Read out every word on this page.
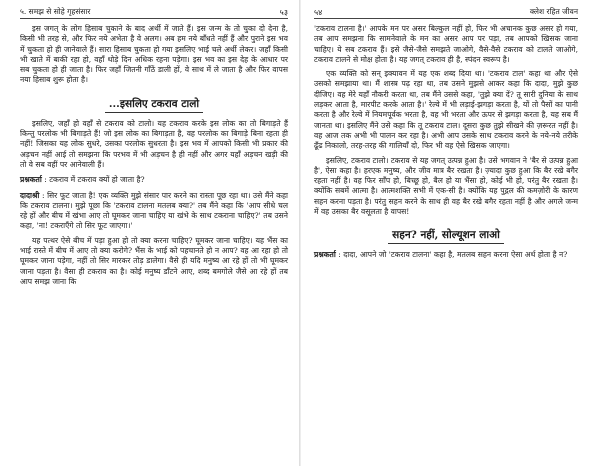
५. समझ से सोहे गृहसंसार	५३

इस जगत् के लोग हिसाब चुकाने के बाद अर्थी में जाते हैं। इस जन्म के तो चुका दो देना है, किसी भी तरह से, और फिर नये अभेता है वे अलग। अब हम नये बाँधते नहीं हैं और पुराने इस भव में चुकता हो ही जानेवाले हैं। सारा हिसाब चुकता हो गया इसलिए भाई चले अर्थी लेकर। जहाँ किसी भी खाते में बाकी रहा हो, वहाँ थोड़े दिन अधिक रहना पड़ेगा। इस भव का इस देह के आधार पर सब चुकता हो ही जाता है। फिर जहाँ जितनी गाँठें डाली हों, वे साथ में ले जाता है और फिर वापस नया हिसाब शुरू होता है।

...इसलिए टकराव टालो

इसलिए, जहाँ हो वहाँ से टकराव को टालो। यह टकराव करके इस लोक का तो बिगाड़ते हैं किन्तु परलोक भी बिगाड़ते हैं! जो इस लोक का बिगाड़ता है, वह परलोक का बिगाड़े बिना रहता ही नहीं! जिसका यह लोक सुधरे, उसका परलोक सुधरता है। इस भव में आपको किसी भी प्रकार की अड़चन नहीं आई तो समझना कि परभव में भी अड़चन है ही नहीं और अगर यहाँ अड़चन खड़ी की तो वे सब वहीं पर आनेवाली हैं।

प्रश्नकर्ता : टकराव में टकराव क्यों हो जाता है?

दादाश्री : सिर फूट जाता है! एक व्यक्ति मुझे संसार पार करने का रास्ता पूछ रहा था। उसे मैंने कहा कि टकराव टालना। मुझे पूछा कि 'टकराव टालना मतलब क्या?' तब मैंने कहा कि 'आप सीधे चल रहे हों और बीच में खंभा आए तो घूमकर जाना चाहिए या खंभे के साथ टकराना चाहिए?' तब उसने कहा, 'ना! टकराएँगे तो सिर फूट जाएगा।'

यह पत्थर ऐसे बीच में पड़ा हुआ हो तो क्या करना चाहिए? घूमकर जाना चाहिए। यह भैंस का भाई रास्ते में बीच में आए तो क्या करोगे? भैंस के भाई को पहचानते हो न आप? वह आ रहा हो तो घूमकर जाना पड़ेगा, नहीं तो सिर मारकर तोड़ डालेगा। वैसे ही यदि मनुष्य आ रहे हों तो भी घूमकर जाना पड़ता है। वैसा ही टकराव का है। कोई मनुष्य डाँटने आए, शब्द बमगोले जैसे आ रहे हों तब आप समझ जाना कि

५४	क्लेश रहित जीवन

'टकराव टालना है।' आपके मन पर असर बिल्कुल नहीं हो, फिर भी अचानक कुछ असर हो गया, तब आप समझना कि सामनेवाले के मन का असर आप पर पड़ा, तब आपको खिसक जाना चाहिए। ये सब टकराव हैं। इसे जैसे-जैसे समझते जाओगे, वैसे-वैसे टकराव को टालते जाओगे, टकराव टालने से मोक्ष होता है। यह जगत् टकराव ही है, स्पंदन स्वरूप है।

एक व्यक्ति को सन् इक्यावन में यह एक शब्द दिया था। 'टकराव टाल' कहा था और ऐसे उसको समझाया था। मैं शास्त्र पढ़ रहा था, तब उसने मुझसे आकर कहा कि दादा, मुझे कुछ दीजिए। वह मेरे यहाँ नौकरी करता था, तब मैंने उससे कहा, 'तुझे क्या दें? तू सारी दुनिया के साथ लड़कर आता है, मारपीट करके आता है।' रेल्वे में भी लड़ाई-झगड़ा करता है, यों तो पैसों का पानी करता है और रेल्वे में नियमपूर्वक भरता है, वह भी भरता और ऊपर से झगड़ा करता है, यह सब मैं जानता था। इसलिए मैंने उसे कहा कि तू टकराव टाल। दूसरा कुछ तुझे सीखने की ज़रूरत नहीं है। वह आज तक अभी भी पालन कर रहा है। अभी आप उसके साथ टकराव करने के नये-नये तरीके ढूँढ निकालो, तरह-तरह की गालियाँ दो, फिर भी वह ऐसे खिसक जाएगा।

इसलिए, टकराव टालो। टकराव से यह जगत् उत्पन्न हुआ है। उसे भगवान ने 'बैर से उत्पन्न हुआ है', ऐसा कहा है। हरएक मनुष्य, और जीव मात्र बैर रखता है। ज़्यादा कुछ हुआ कि बैर रखे बगैर रहता नहीं है। वह फिर साँप हो, बिच्छू हो, बैल हो या भैंसा हो, कोई भी हो, परंतु बैर रखता है। क्योंकि सबमें आत्मा है। आत्मशक्ति सभी में एक-सी है। क्योंकि यह पुद्गल की कमज़ोरी के कारण सहन करना पड़ता है। परंतु सहन करने के साथ ही वह बैर रखे बगैर रहता नहीं है और अगले जन्म में वह उसका बैर वसूलता है वापस!

सहन? नहीं, सोल्यूशन लाओ

प्रश्नकर्ता : दादा, आपने जो 'टकराव टालना' कहा है, मतलब सहन करना ऐसा अर्थ होता है न?
